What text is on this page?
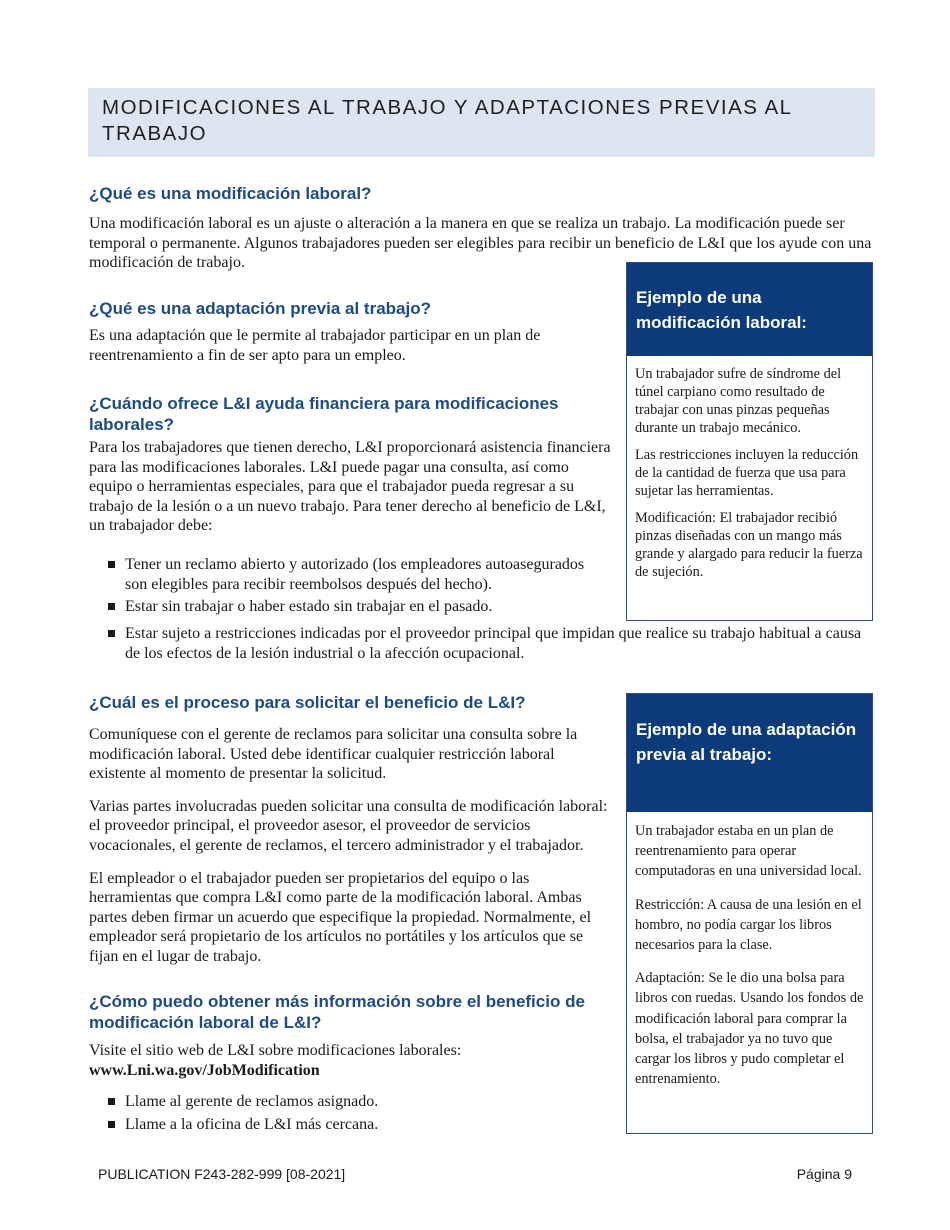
MODIFICACIONES AL TRABAJO Y ADAPTACIONES PREVIAS AL TRABAJO
¿Qué es una modificación laboral?

Una modificación laboral es un ajuste o alteración a la manera en que se realiza un trabajo. La modificación puede ser temporal o permanente. Algunos trabajadores pueden ser elegibles para recibir un beneficio de L&I que los ayude con una modificación de trabajo.

¿Qué es una adaptación previa al trabajo?

Es una adaptación que le permite al trabajador participar en un plan de reentrenamiento a fin de ser apto para un empleo.

¿Cuándo ofrece L&I ayuda financiera para modificaciones laborales?

Para los trabajadores que tienen derecho, L&I proporcionará asistencia financiera para las modificaciones laborales. L&I puede pagar una consulta, así como equipo o herramientas especiales, para que el trabajador pueda regresar a su trabajo de la lesión o a un nuevo trabajo. Para tener derecho al beneficio de L&I, un trabajador debe:

Tener un reclamo abierto y autorizado (los empleadores autoasegurados son elegibles para recibir reembolsos después del hecho).
Estar sin trabajar o haber estado sin trabajar en el pasado.
Estar sujeto a restricciones indicadas por el proveedor principal que impidan que realice su trabajo habitual a causa de los efectos de la lesión industrial o la afección ocupacional.
¿Cuál es el proceso para solicitar el beneficio de L&I?

Comuníquese con el gerente de reclamos para solicitar una consulta sobre la modificación laboral. Usted debe identificar cualquier restricción laboral existente al momento de presentar la solicitud.

Varias partes involucradas pueden solicitar una consulta de modificación laboral: el proveedor principal, el proveedor asesor, el proveedor de servicios vocacionales, el gerente de reclamos, el tercero administrador y el trabajador.

El empleador o el trabajador pueden ser propietarios del equipo o las herramientas que compra L&I como parte de la modificación laboral. Ambas partes deben firmar un acuerdo que especifique la propiedad. Normalmente, el empleador será propietario de los artículos no portátiles y los artículos que se fijan en el lugar de trabajo.

¿Cómo puedo obtener más información sobre el beneficio de modificación laboral de L&I?

Visite el sitio web de L&I sobre modificaciones laborales:

www.Lni.wa.gov/JobModification

Llame al gerente de reclamos asignado.
Llame a la oficina de L&I más cercana.
Ejemplo de una modificación laboral:

Un trabajador sufre de síndrome del túnel carpiano como resultado de trabajar con unas pinzas pequeñas durante un trabajo mecánico.

Las restricciones incluyen la reducción de la cantidad de fuerza que usa para sujetar las herramientas.

Modificación: El trabajador recibió pinzas diseñadas con un mango más grande y alargado para reducir la fuerza de sujeción.

Ejemplo de una adaptación previa al trabajo:

Un trabajador estaba en un plan de reentrenamiento para operar computadoras en una universidad local.

Restricción: A causa de una lesión en el hombro, no podía cargar los libros necesarios para la clase.

Adaptación: Se le dio una bolsa para libros con ruedas. Usando los fondos de modificación laboral para comprar la bolsa, el trabajador ya no tuvo que cargar los libros y pudo completar el entrenamiento.

PUBLICATION F243-282-999 [08-2021]	Página 9
